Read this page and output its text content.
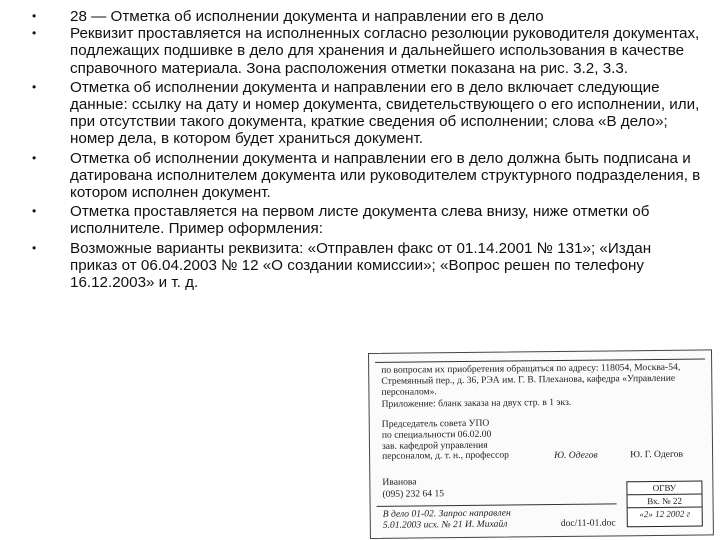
• 28 — Отметка об исполнении документа и направлении его в дело
• Реквизит проставляется на исполненных согласно резолюции руководителя документах, подлежащих подшивке в дело для хранения и дальнейшего использования в качестве справочного материала. Зона расположения отметки показана на рис. 3.2, 3.3.
• Отметка об исполнении документа и направлении его в дело включает следующие данные: ссылку на дату и номер документа, свидетельствующего о его исполнении, или, при отсутствии такого документа, краткие сведения об исполнении; слова «В дело»; номер дела, в котором будет храниться документ.
• Отметка об исполнении документа и направлении его в дело должна быть подписана и датирована исполнителем документа или руководителем структурного подразделения, в котором исполнен документ.
• Отметка проставляется на первом листе документа слева внизу, ниже отметки об исполнителе. Пример оформления:
• Возможные варианты реквизита: «Отправлен факс от 01.14.2001 № 131»; «Издан приказ от 06.04.2003 № 12 «О создании комиссии»; «Вопрос решен по телефону 16.12.2003» и т. д.
по вопросам их приобретения обращаться по адресу: 118054, Москва-54, Стремянный пер., д. 36, РЭА им. Г. В. Плеханова, кафедра «Управление персоналом».
Приложение: бланк заказа на двух стр. в 1 экз.
Председатель совета УПО
по специальности 06.02.00
зав. кафедрой управления
персоналом, д. т. н., профессор	Ю. Одегов	Ю. Г. Одегов
Иванова
(095) 232 64 15
В дело 01-02. Запрос направлен
5.01.2003 исх. № 21 И. Михайл	doc/11-01.doc
ОГВУ
Вх. № 22
«2» 12 2002 г
